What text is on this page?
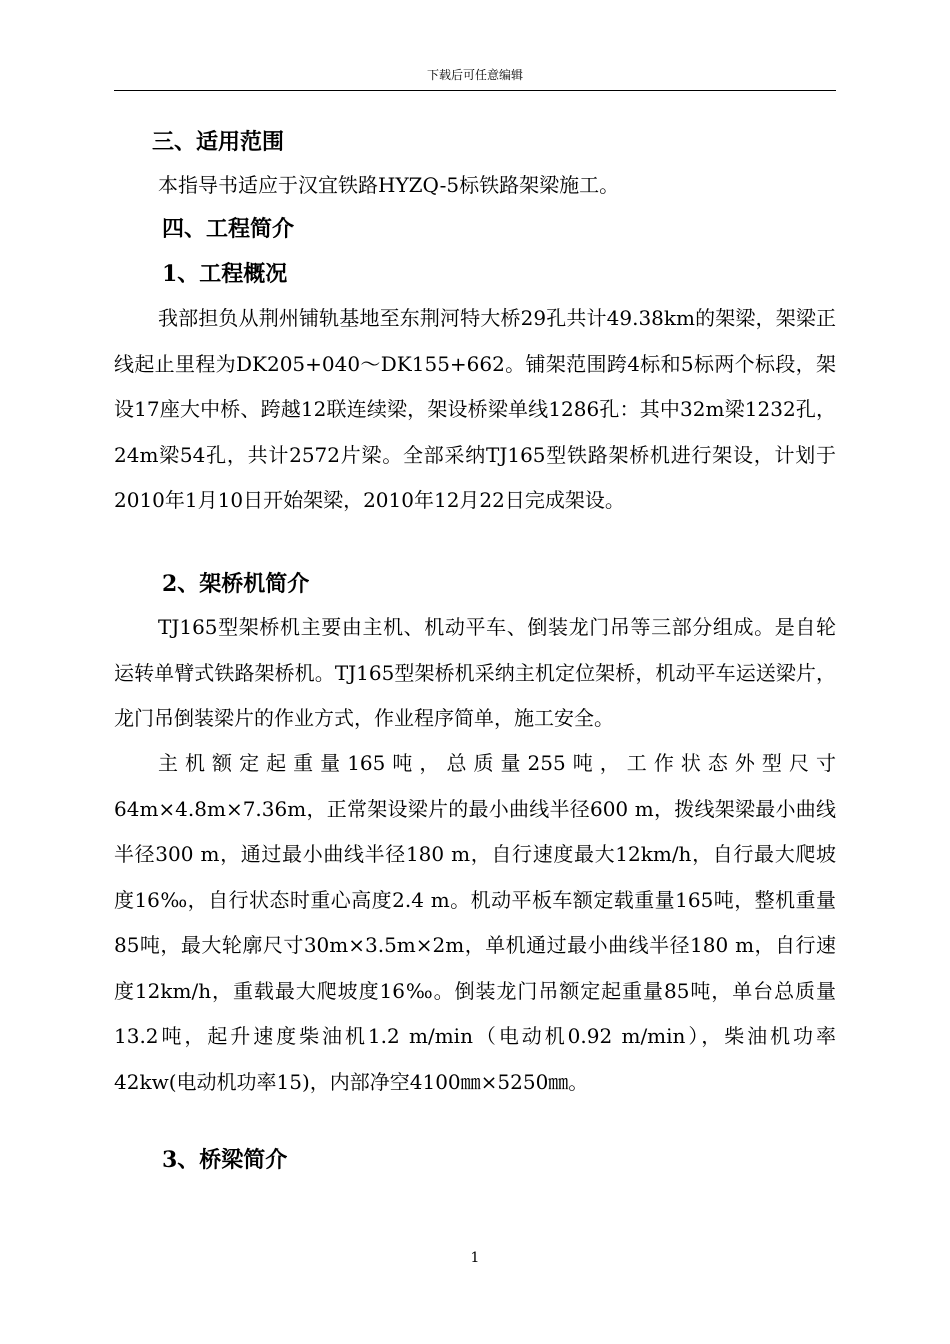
下载后可任意编辑
三、适用范围
本指导书适应于汉宜铁路HYZQ-5标铁路架梁施工。
四、工程简介
1、工程概况
我部担负从荆州铺轨基地至东荆河特大桥29孔共计49.38km的架梁，架梁正线起止里程为DK205+040～DK155+662。铺架范围跨4标和5标两个标段，架设17座大中桥、跨越12联连续梁，架设桥梁单线1286孔：其中32m梁1232孔，24m梁54孔，共计2572片梁。全部采纳TJ165型铁路架桥机进行架设，计划于2010年1月10日开始架梁，2010年12月22日完成架设。
2、架桥机简介
TJ165型架桥机主要由主机、机动平车、倒装龙门吊等三部分组成。是自轮运转单臂式铁路架桥机。TJ165型架桥机采纳主机定位架桥，机动平车运送梁片，龙门吊倒装梁片的作业方式，作业程序简单，施工安全。
主机额定起重量165吨，总质量255吨，工作状态外型尺寸64m×4.8m×7.36m，正常架设梁片的最小曲线半径600 m，拨线架梁最小曲线半径300 m，通过最小曲线半径180 m，自行速度最大12km/h，自行最大爬坡度16‰，自行状态时重心高度2.4 m。机动平板车额定载重量165吨，整机重量85吨，最大轮廓尺寸30m×3.5m×2m，单机通过最小曲线半径180 m，自行速度12km/h，重载最大爬坡度16‰。倒装龙门吊额定起重量85吨，单台总质量13.2吨，起升速度柴油机1.2 m/min（电动机0.92 m/min），柴油机功率42kw(电动机功率15)，内部净空4100㎜×5250㎜。
3、桥梁简介
1
